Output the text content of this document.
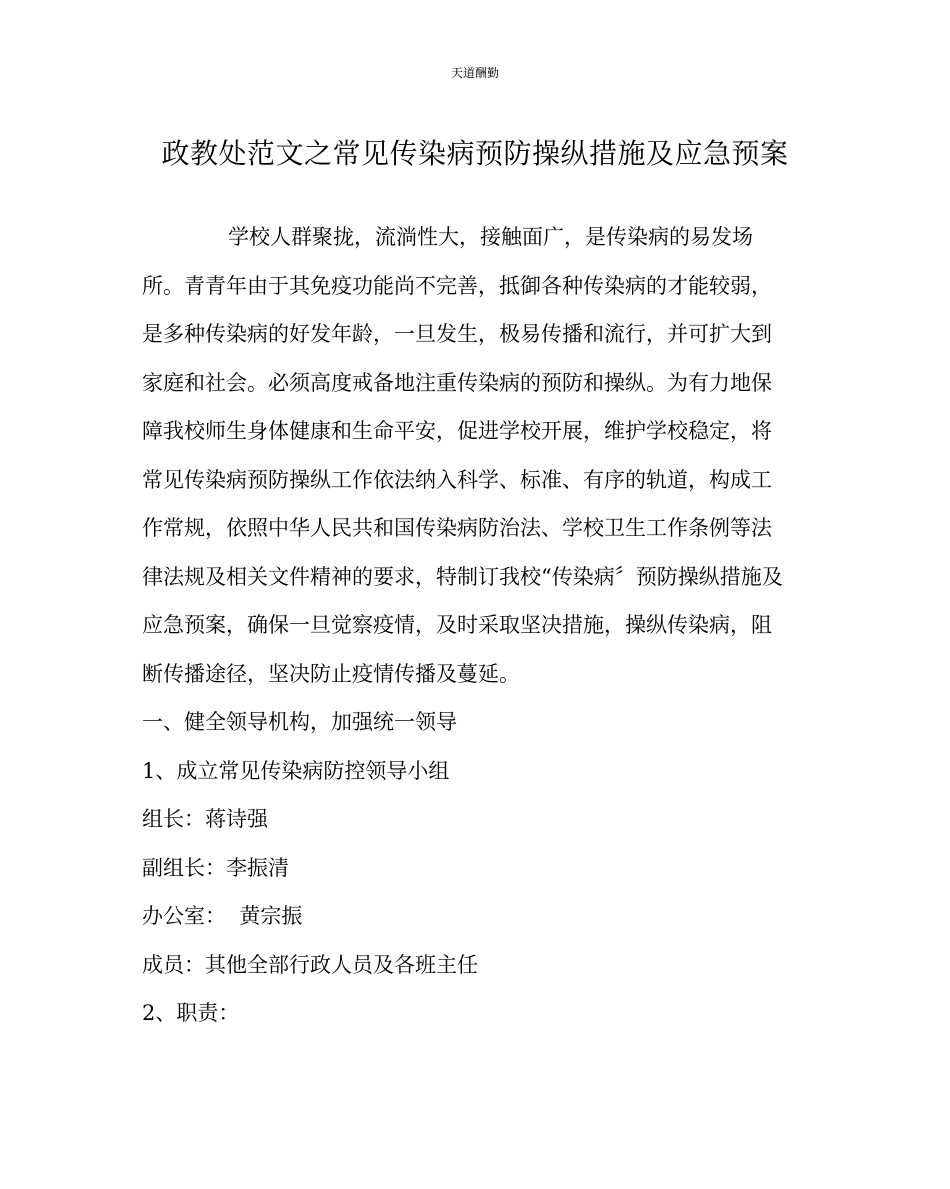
天道酬勤
政教处范文之常见传染病预防操纵措施及应急预案

学校人群聚拢，流淌性大，接触面广，是传染病的易发场
所。青青年由于其免疫功能尚不完善，抵御各种传染病的才能较弱，
是多种传染病的好发年龄，一旦发生，极易传播和流行，并可扩大到
家庭和社会。必须高度戒备地注重传染病的预防和操纵。为有力地保
障我校师生身体健康和生命平安，促进学校开展，维护学校稳定，将
常见传染病预防操纵工作依法纳入科学、标准、有序的轨道，构成工
作常规，依照中华人民共和国传染病防治法、学校卫生工作条例等法
律法规及相关文件精神的要求，特制订我校“传染病〞预防操纵措施及
应急预案，确保一旦觉察疫情，及时采取坚决措施，操纵传染病，阻
断传播途径，坚决防止疫情传播及蔓延。

一、健全领导机构，加强统一领导

1、成立常见传染病防控领导小组

组长：蒋诗强

副组长：李振清

办公室：  黄宗振

成员：其他全部行政人员及各班主任

2、职责：
